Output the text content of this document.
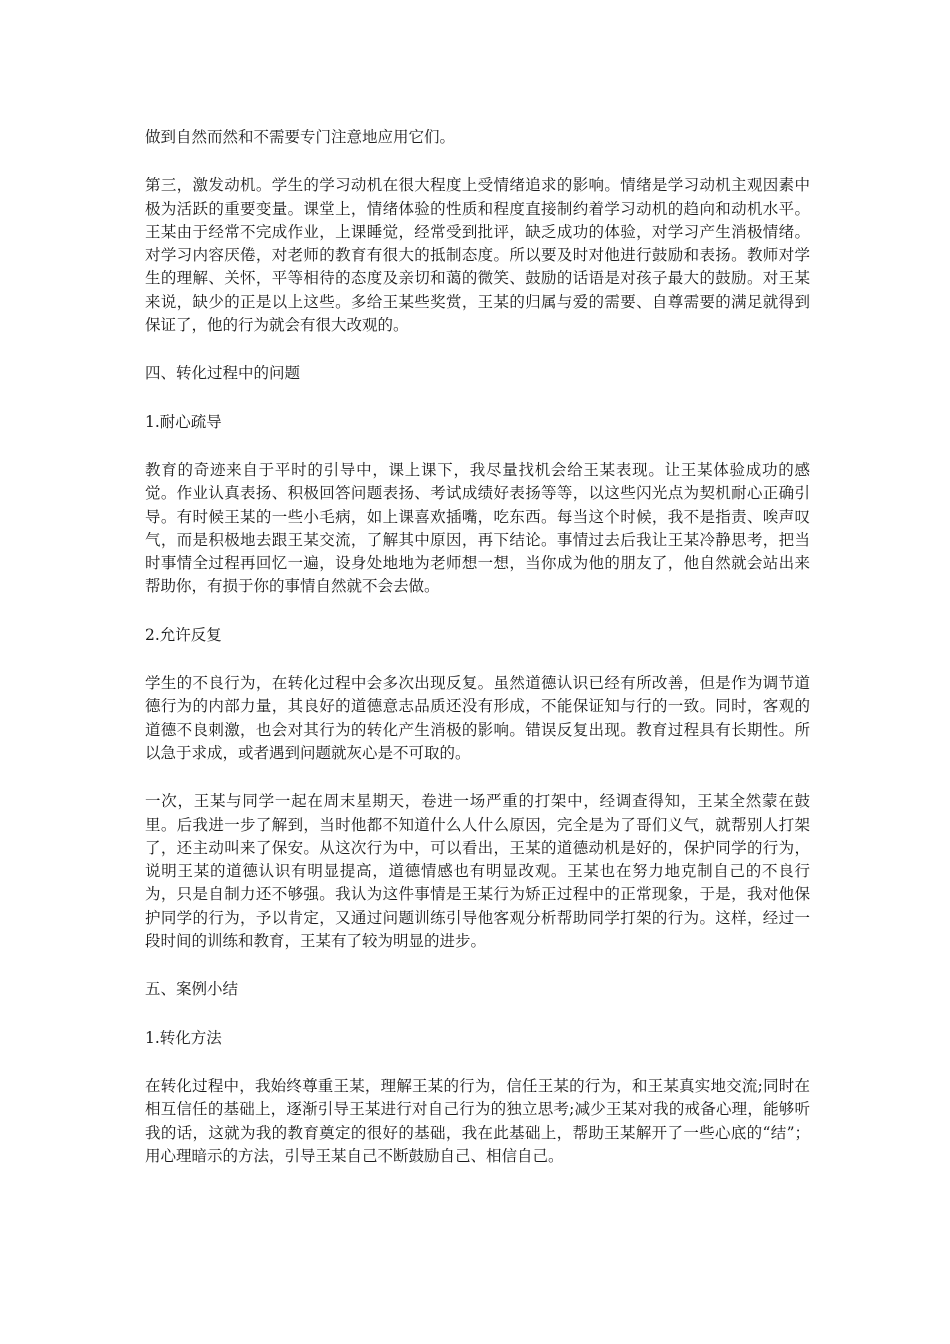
做到自然而然和不需要专门注意地应用它们。

第三，激发动机。学生的学习动机在很大程度上受情绪追求的影响。情绪是学习动机主观因素中极为活跃的重要变量。课堂上，情绪体验的性质和程度直接制约着学习动机的趋向和动机水平。王某由于经常不完成作业，上课睡觉，经常受到批评，缺乏成功的体验，对学习产生消极情绪。对学习内容厌倦，对老师的教育有很大的抵制态度。所以要及时对他进行鼓励和表扬。教师对学生的理解、关怀，平等相待的态度及亲切和蔼的微笑、鼓励的话语是对孩子最大的鼓励。对王某来说，缺少的正是以上这些。多给王某些奖赏，王某的归属与爱的需要、自尊需要的满足就得到保证了，他的行为就会有很大改观的。

四、转化过程中的问题

1.耐心疏导

教育的奇迹来自于平时的引导中，课上课下，我尽量找机会给王某表现。让王某体验成功的感觉。作业认真表扬、积极回答问题表扬、考试成绩好表扬等等，以这些闪光点为契机耐心正确引导。有时候王某的一些小毛病，如上课喜欢插嘴，吃东西。每当这个时候，我不是指责、唉声叹气，而是积极地去跟王某交流，了解其中原因，再下结论。事情过去后我让王某冷静思考，把当时事情全过程再回忆一遍，设身处地地为老师想一想，当你成为他的朋友了，他自然就会站出来帮助你，有损于你的事情自然就不会去做。

2.允许反复

学生的不良行为，在转化过程中会多次出现反复。虽然道德认识已经有所改善，但是作为调节道德行为的内部力量，其良好的道德意志品质还没有形成，不能保证知与行的一致。同时，客观的道德不良刺激，也会对其行为的转化产生消极的影响。错误反复出现。教育过程具有长期性。所以急于求成，或者遇到问题就灰心是不可取的。

一次，王某与同学一起在周末星期天，卷进一场严重的打架中，经调查得知，王某全然蒙在鼓里。后我进一步了解到，当时他都不知道什么人什么原因，完全是为了哥们义气，就帮别人打架了，还主动叫来了保安。从这次行为中，可以看出，王某的道德动机是好的，保护同学的行为，说明王某的道德认识有明显提高，道德情感也有明显改观。王某也在努力地克制自己的不良行为，只是自制力还不够强。我认为这件事情是王某行为矫正过程中的正常现象，于是，我对他保护同学的行为，予以肯定，又通过问题训练引导他客观分析帮助同学打架的行为。这样，经过一段时间的训练和教育，王某有了较为明显的进步。

五、案例小结

1.转化方法

在转化过程中，我始终尊重王某，理解王某的行为，信任王某的行为，和王某真实地交流;同时在相互信任的基础上，逐渐引导王某进行对自己行为的独立思考;减少王某对我的戒备心理，能够听我的话，这就为我的教育奠定的很好的基础，我在此基础上，帮助王某解开了一些心底的“结”；用心理暗示的方法，引导王某自己不断鼓励自己、相信自己。
